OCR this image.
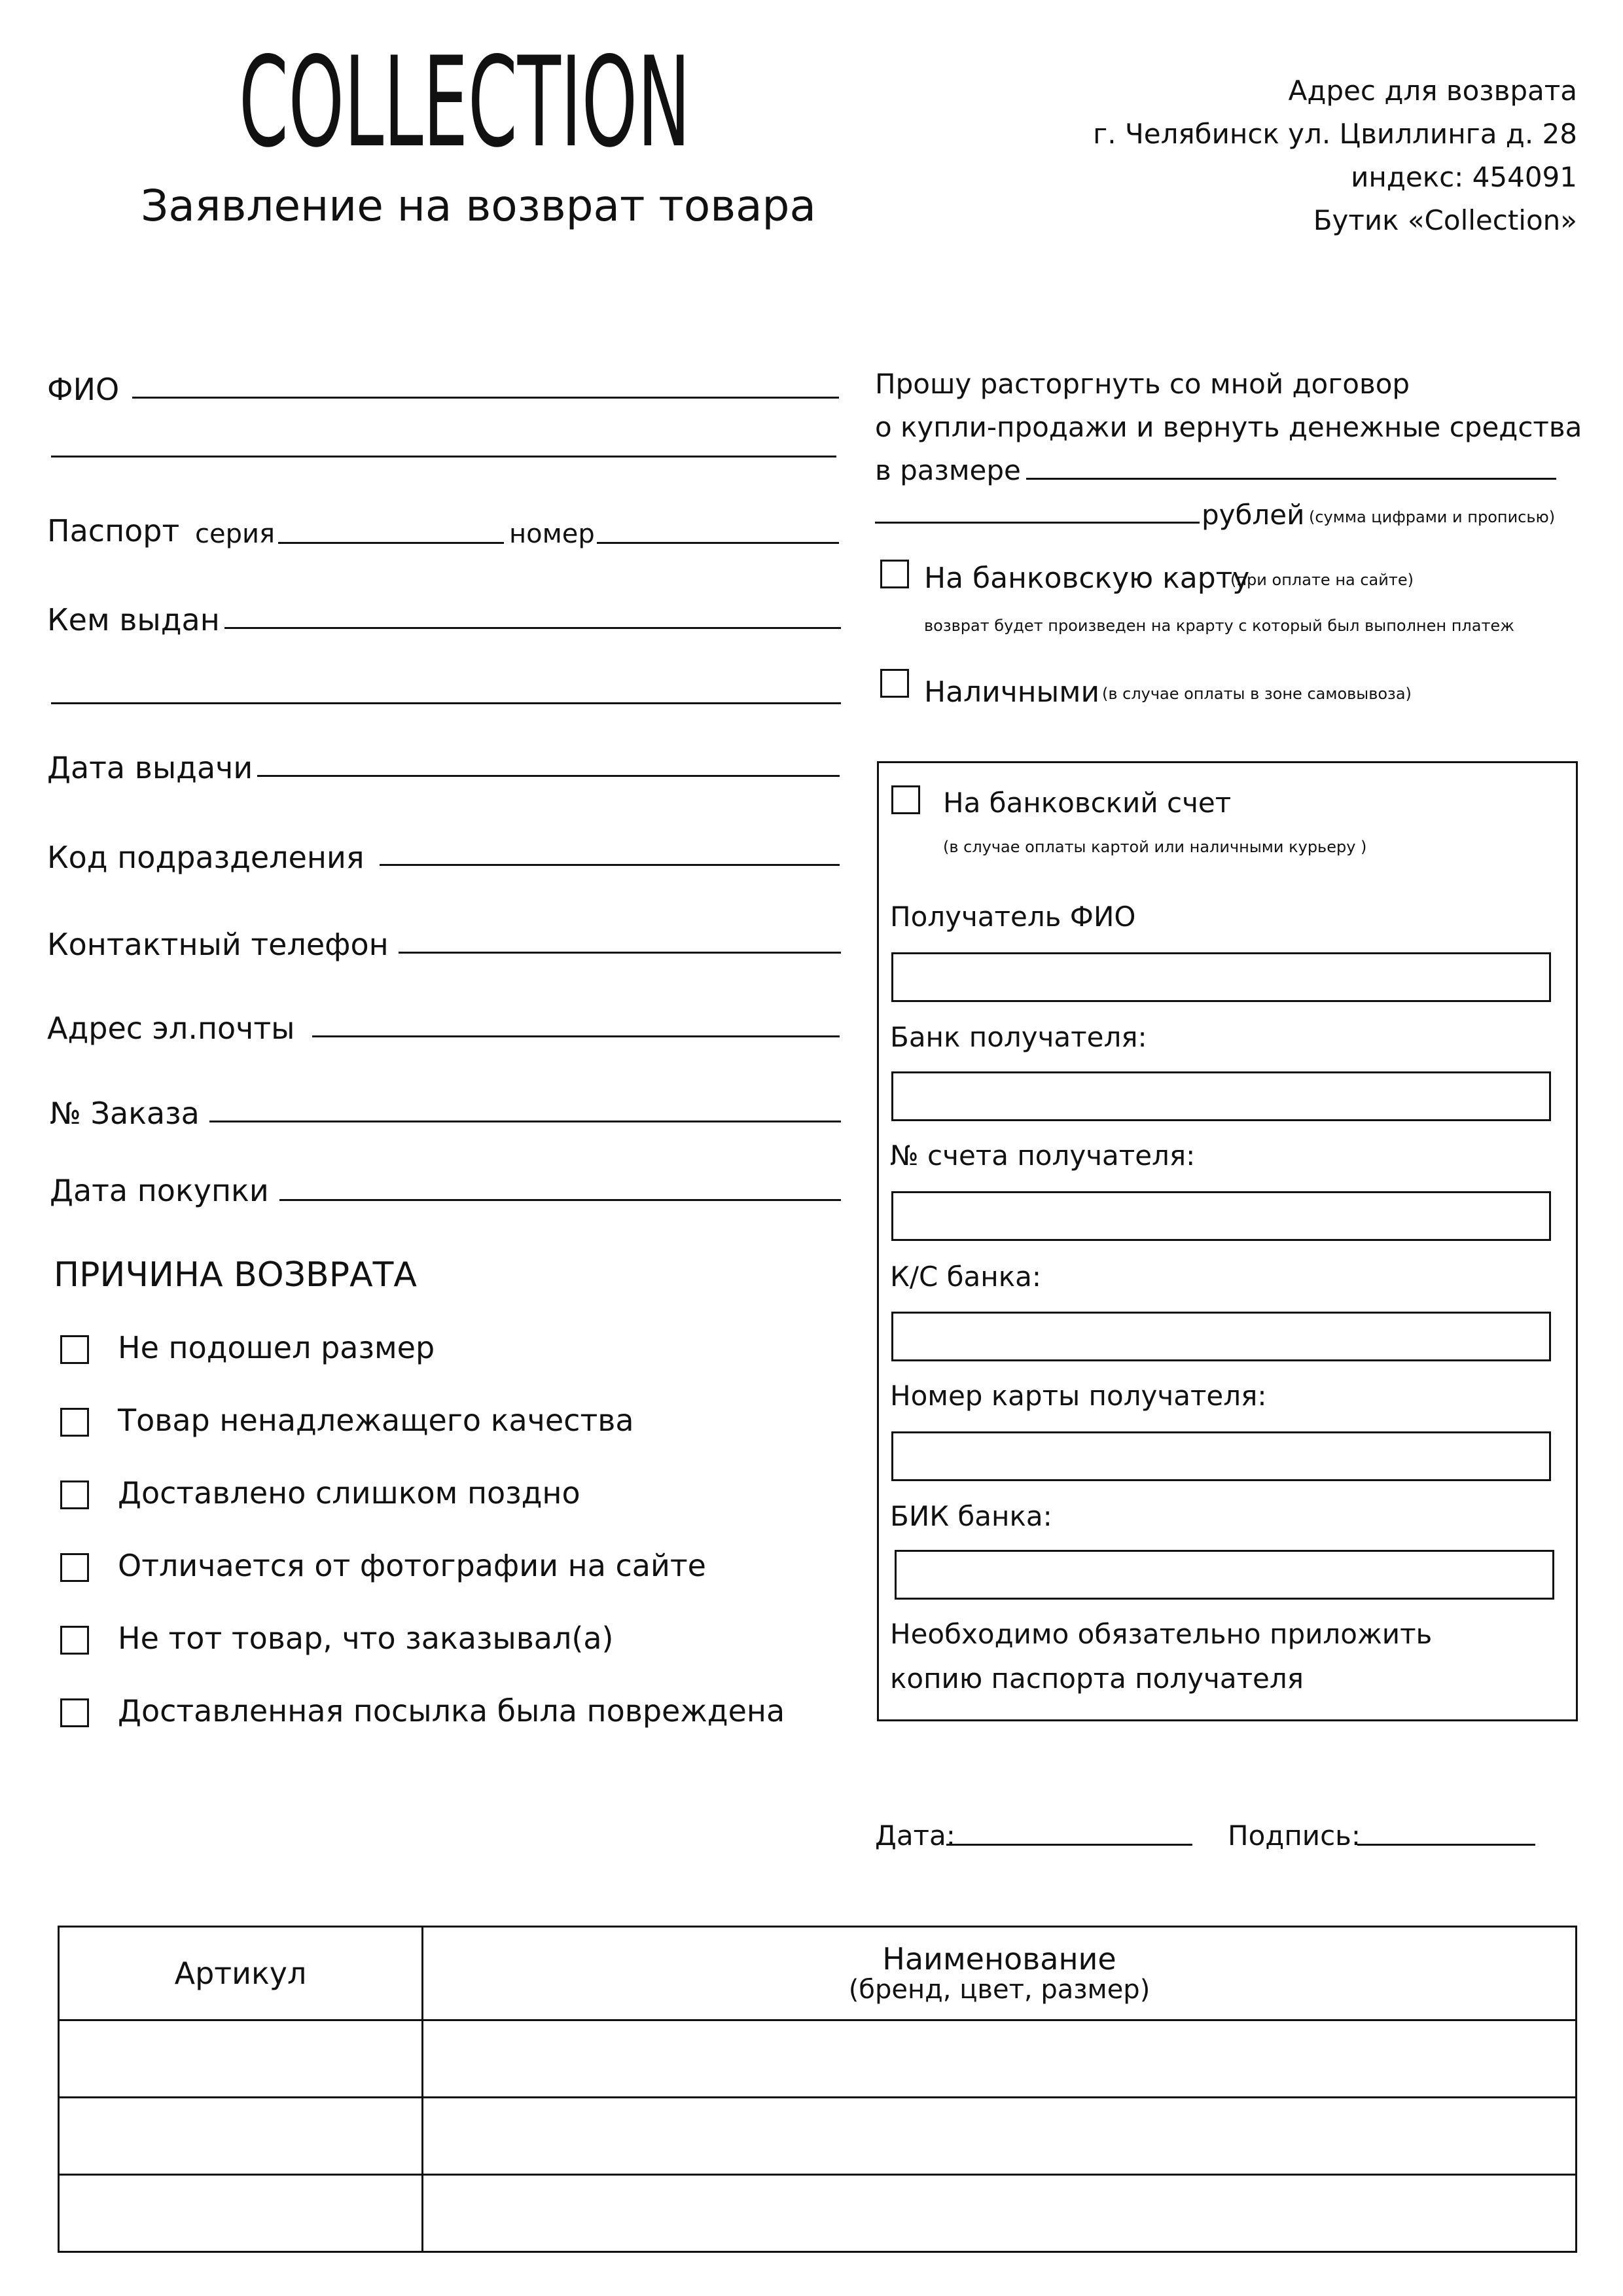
COLLECTION
Заявление на возврат товара
Адрес для возврата
г. Челябинск ул. Цвиллинга д. 28
индекс: 454091
Бутик «Collection»
ФИО
Паспорт серия	номер
Кем выдан
Дата выдачи
Код подразделения
Контактный телефон
Адрес эл.почты
№ Заказа
Дата покупки
ПРИЧИНА ВОЗВРАТА
Не подошел размер
Товар ненадлежащего качества
Доставлено слишком поздно
Отличается от фотографии на сайте
Не тот товар, что заказывал(а)
Доставленная посылка была повреждена
Прошу расторгнуть со мной договор
о купли-продажи и вернуть денежные средства
в размере
рублей (сумма цифрами и прописью)
На банковскую карту
(при оплате на сайте)
возврат будет произведен на крарту с который был выполнен платеж
Наличными (в случае оплаты в зоне самовывоза)
На банковский счет
(в случае оплаты картой или наличными курьеру )
Получатель ФИО
Банк получателя:
№ счета получателя:
К/С банка:
Номер карты получателя:
БИК банка:
Необходимо обязательно приложить
копию паспорта получателя
Дата:	Подпись:
Артикул	Наименование
(бренд, цвет, размер)
